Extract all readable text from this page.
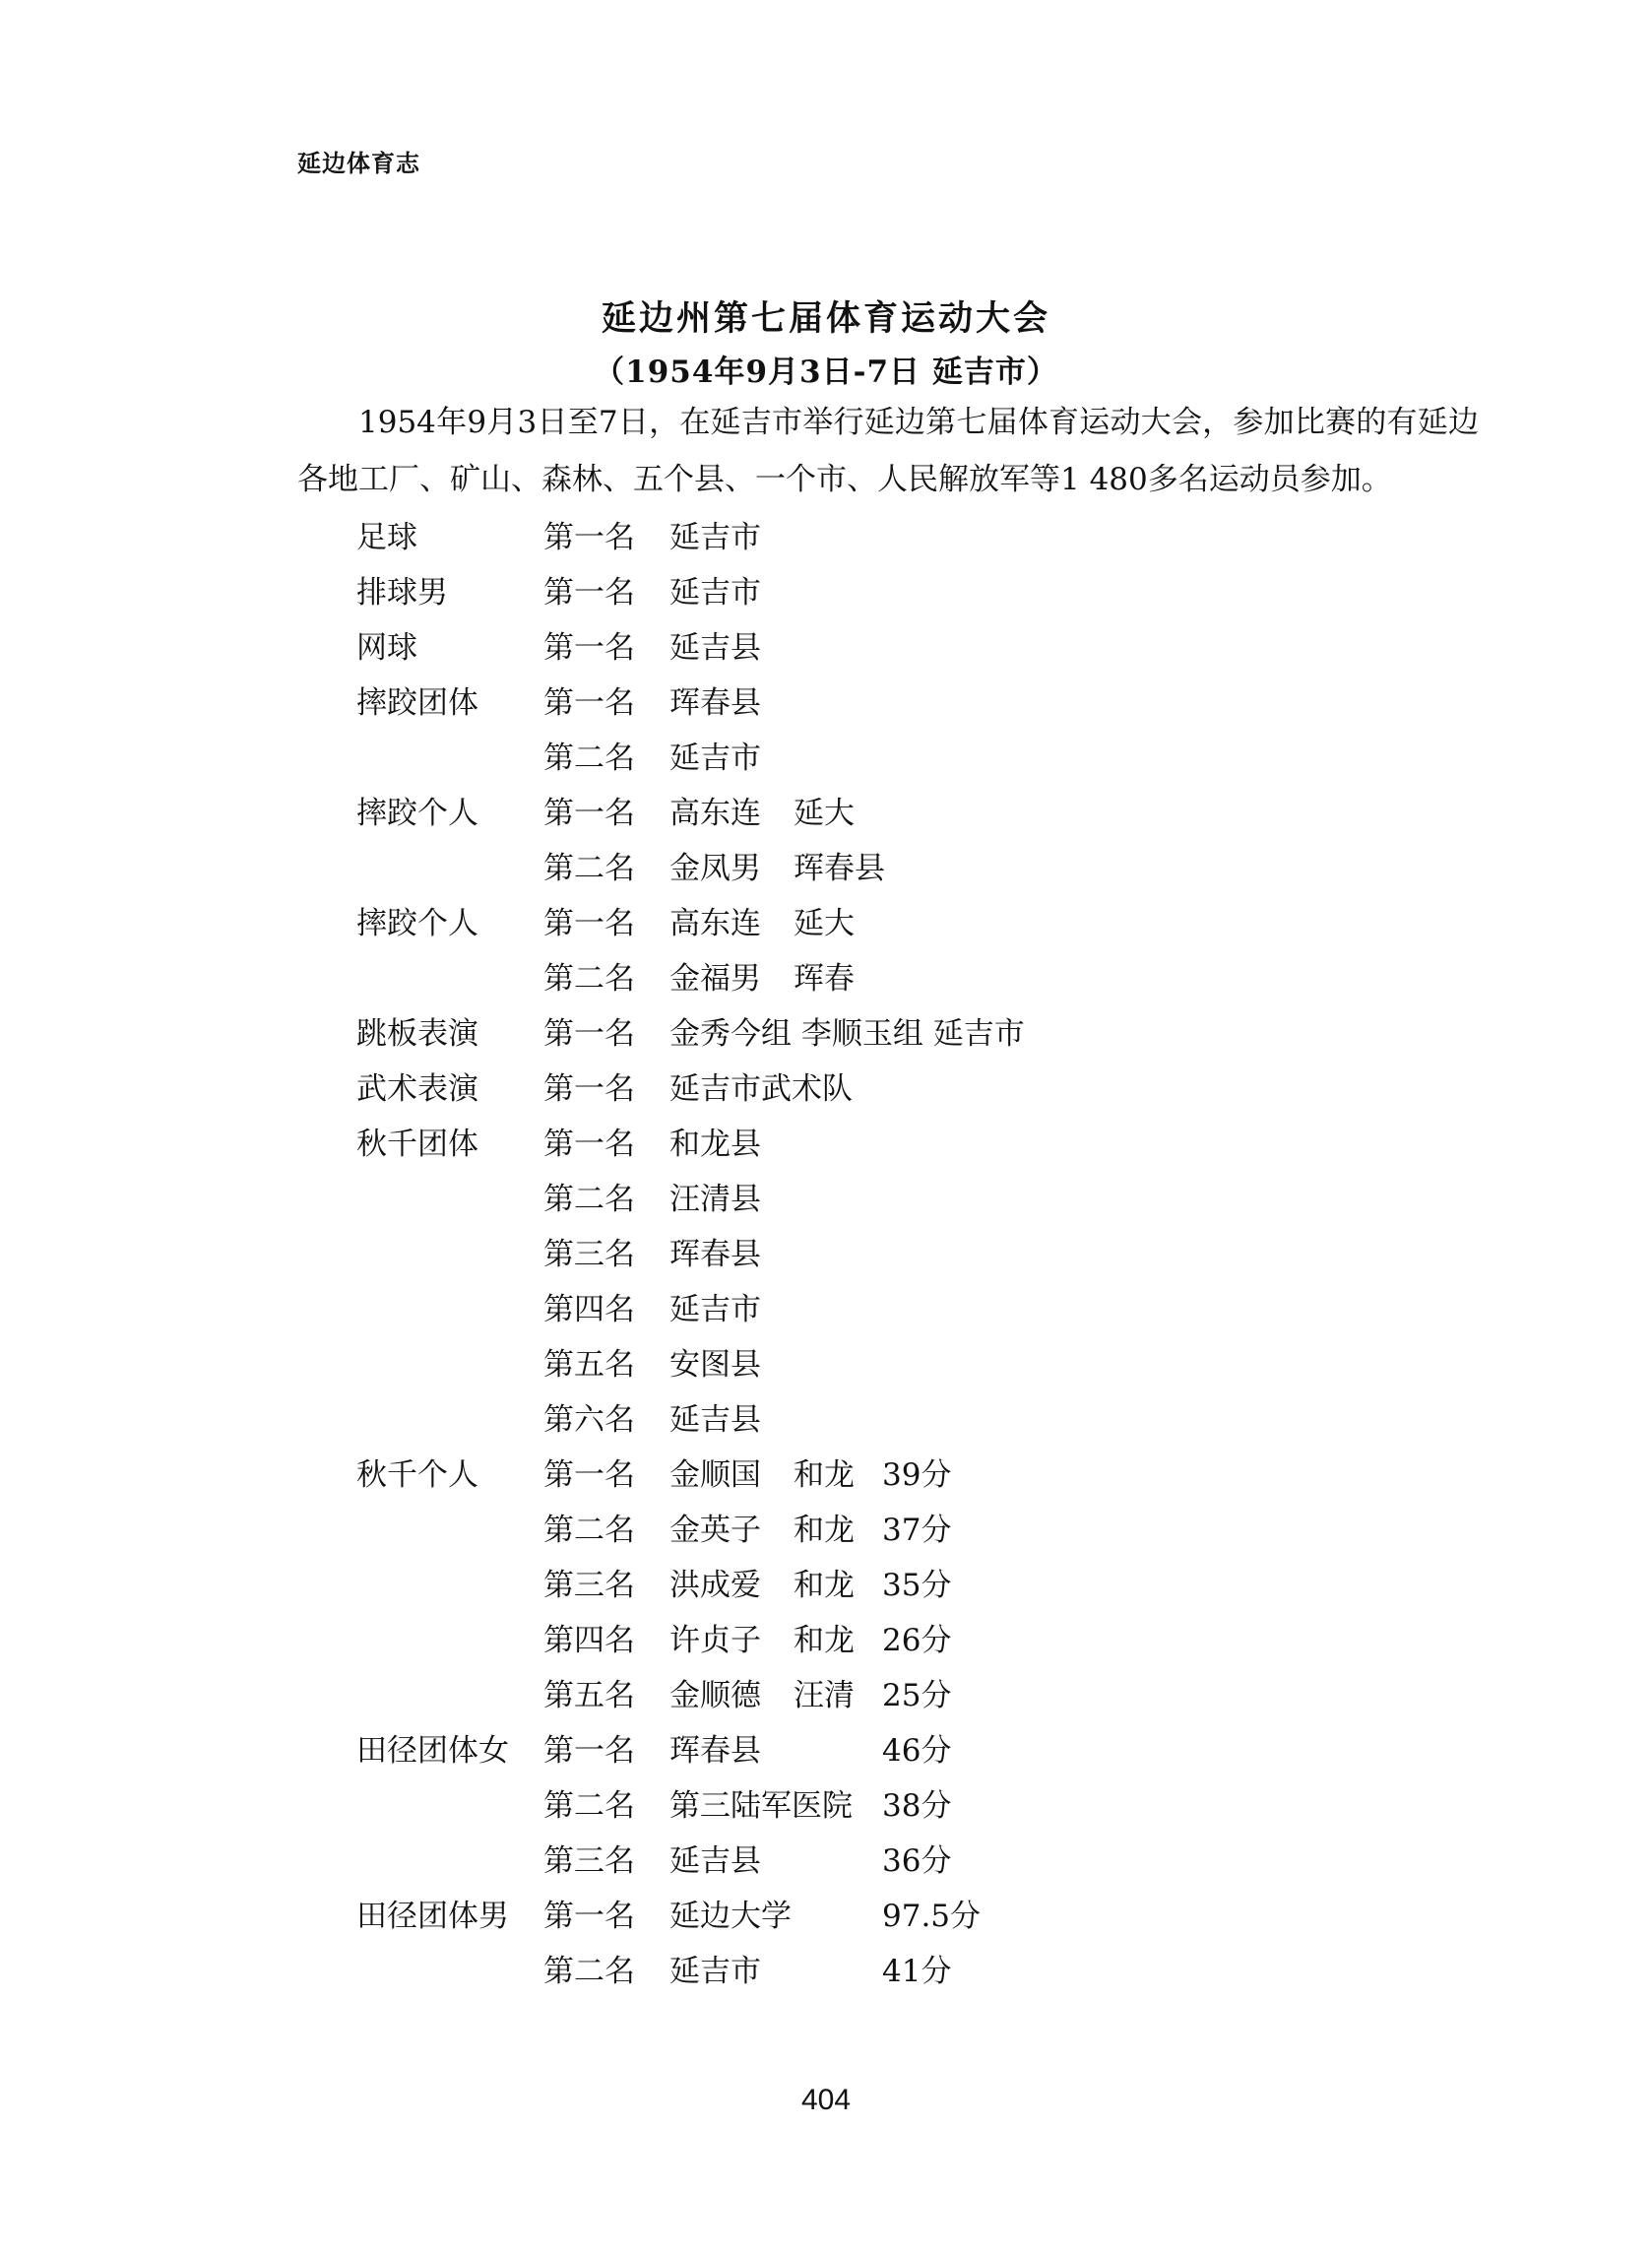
延边体育志
延边州第七届体育运动大会
（1954年9月3日-7日 延吉市）
1954年9月3日至7日，在延吉市举行延边第七届体育运动大会，参加比赛的有延边各地工厂、矿山、森林、五个县、一个市、人民解放军等1 480多名运动员参加。
足球	第一名 延吉市
排球男	第一名 延吉市
网球	第一名 延吉县
摔跤团体 第一名 珲春县
第二名 延吉市
摔跤个人 第一名 高东连 延大
第二名 金凤男 珲春县
摔跤个人 第一名 高东连 延大
第二名 金福男 珲春
跳板表演 第一名 金秀今组 李顺玉组 延吉市
武术表演 第一名 延吉市武术队
秋千团体 第一名 和龙县
第二名 汪清县
第三名 珲春县
第四名 延吉市
第五名 安图县
第六名 延吉县
秋千个人 第一名 金顺国 和龙 39分
第二名 金英子 和龙 37分
第三名 洪成爱 和龙 35分
第四名 许贞子 和龙 26分
第五名 金顺德 汪清 25分
田径团体女 第一名 珲春县	46分
第二名 第三陆军医院 38分
第三名 延吉县	36分
田径团体男 第一名 延边大学	97.5分
第二名 延吉市	41分
404
